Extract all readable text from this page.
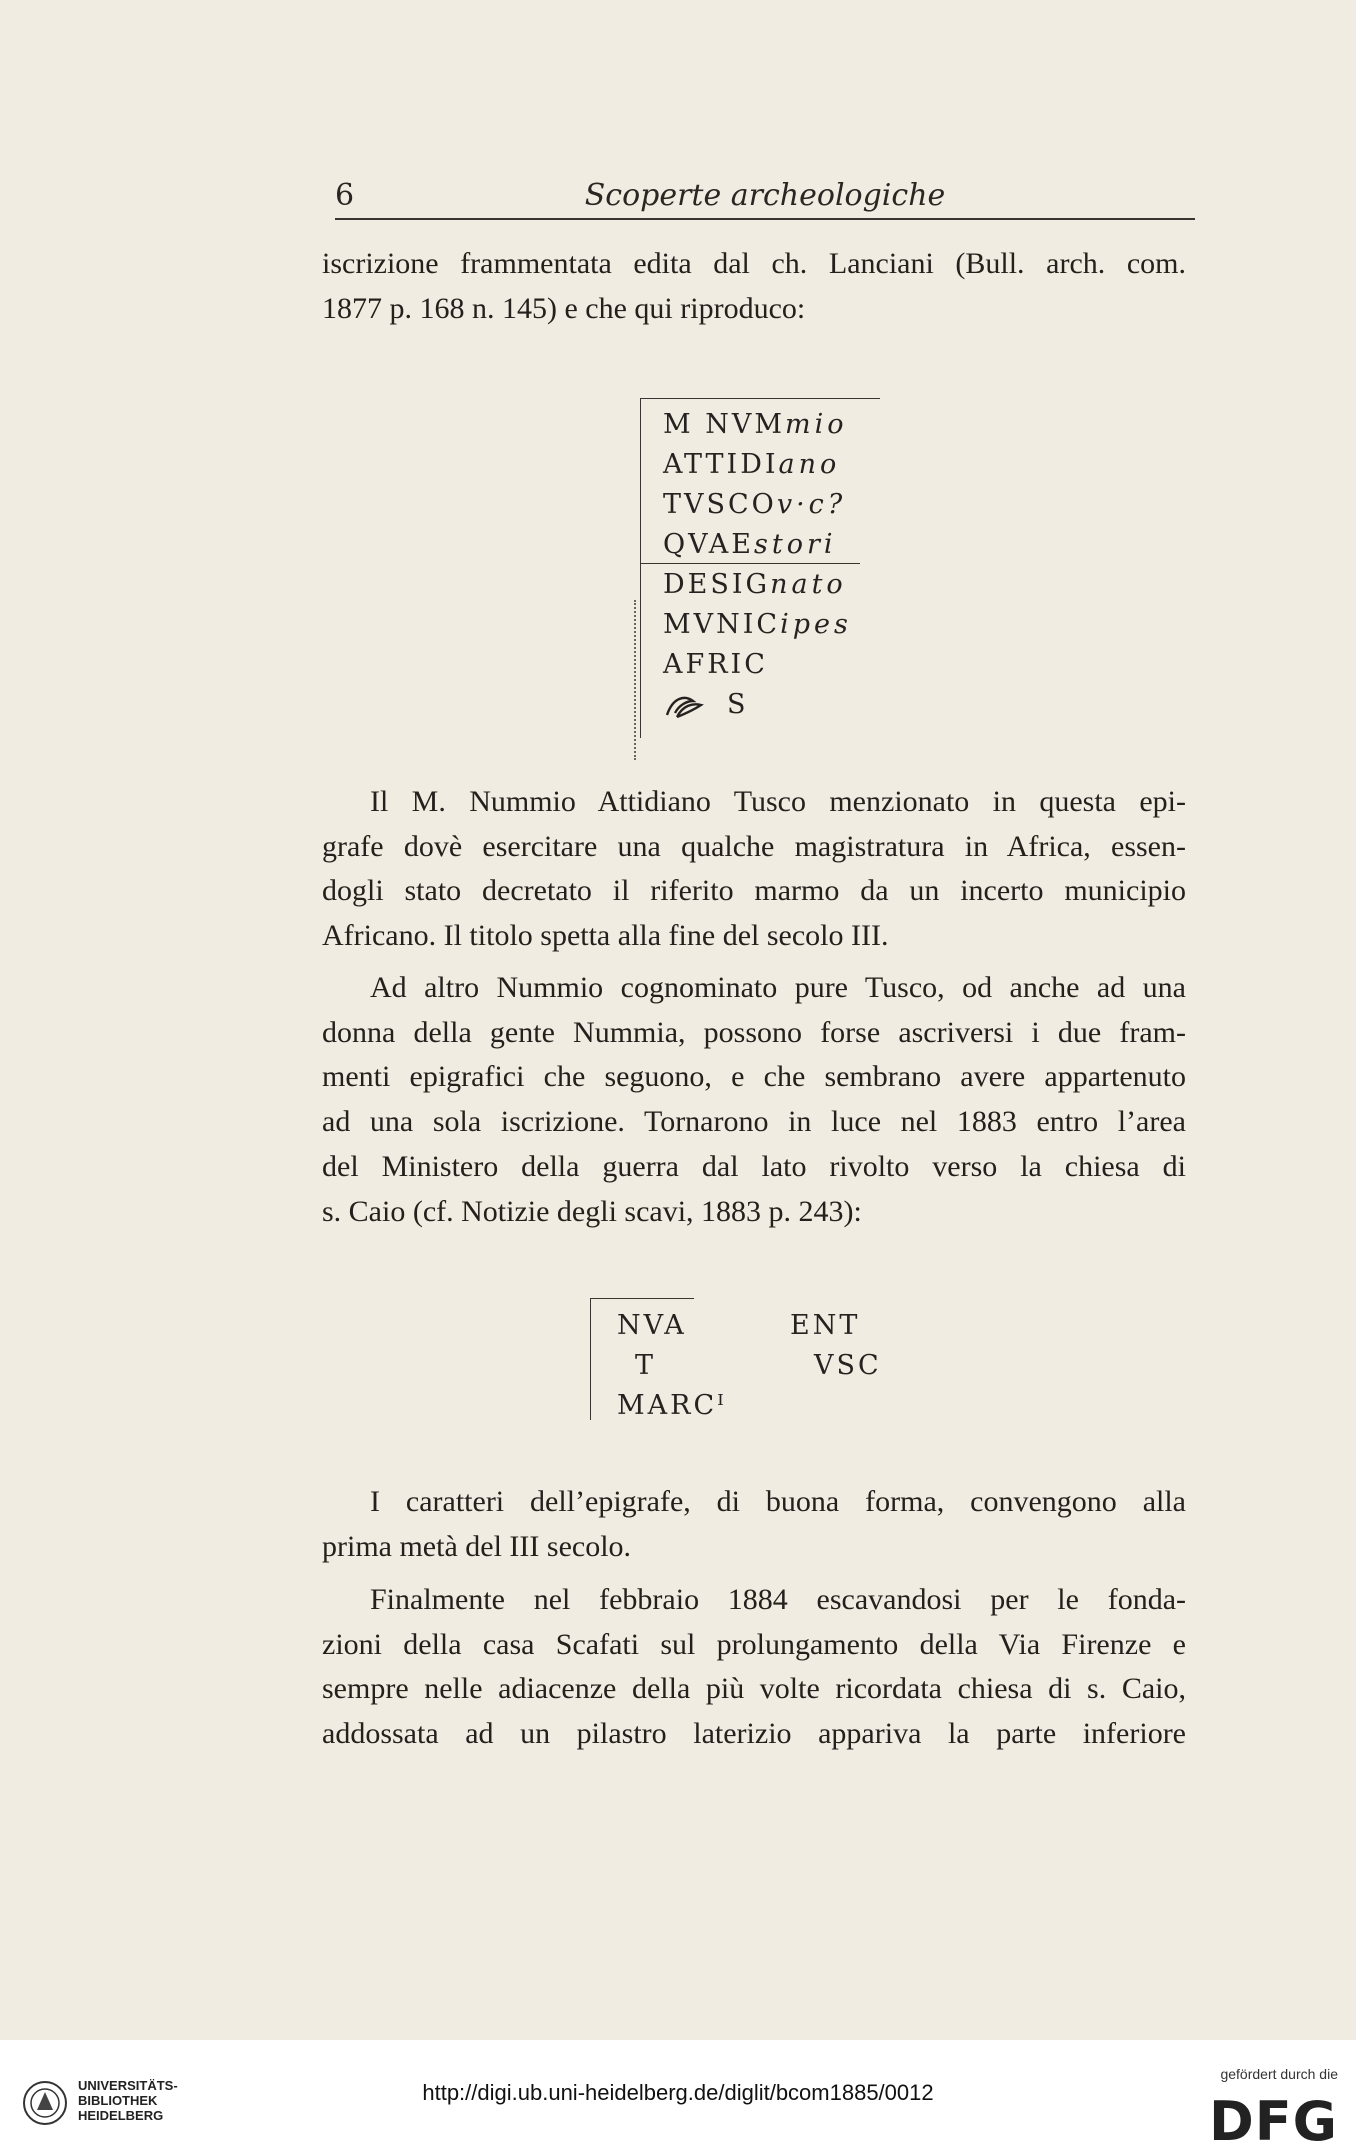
6	Scoperte archeologiche
iscrizione frammentata edita dal ch. Lanciani (Bull. arch. com.
1877 p. 168 n. 145) e che qui riproduco:
M NVMmio
ATTIDIano
TVSCOv·c?
QVAEstori
DESIGnato
MVNICipes
AFRIC
S
Il M. Nummio Attidiano Tusco menzionato in questa epi-
grafe dovè esercitare una qualche magistratura in Africa, essen-
dogli stato decretato il riferito marmo da un incerto municipio
Africano. Il titolo spetta alla fine del secolo III.
Ad altro Nummio cognominato pure Tusco, od anche ad una
donna della gente Nummia, possono forse ascriversi i due fram-
menti epigrafici che seguono, e che sembrano avere appartenuto
ad una sola iscrizione. Tornarono in luce nel 1883 entro l’area
del Ministero della guerra dal lato rivolto verso la chiesa di
s. Caio (cf. Notizie degli scavi, 1883 p. 243):
NVA
T
MARCᴵ
ENT
VSC
I caratteri dell’epigrafe, di buona forma, convengono alla
prima metà del III secolo.
Finalmente nel febbraio 1884 escavandosi per le fonda-
zioni della casa Scafati sul prolungamento della Via Firenze e
sempre nelle adiacenze della più volte ricordata chiesa di s. Caio,
addossata ad un pilastro laterizio appariva la parte inferiore
UNIVERSITÄTS-
BIBLIOTHEK
HEIDELBERG
http://digi.ub.uni-heidelberg.de/diglit/bcom1885/0012
gefördert durch die
DFG
